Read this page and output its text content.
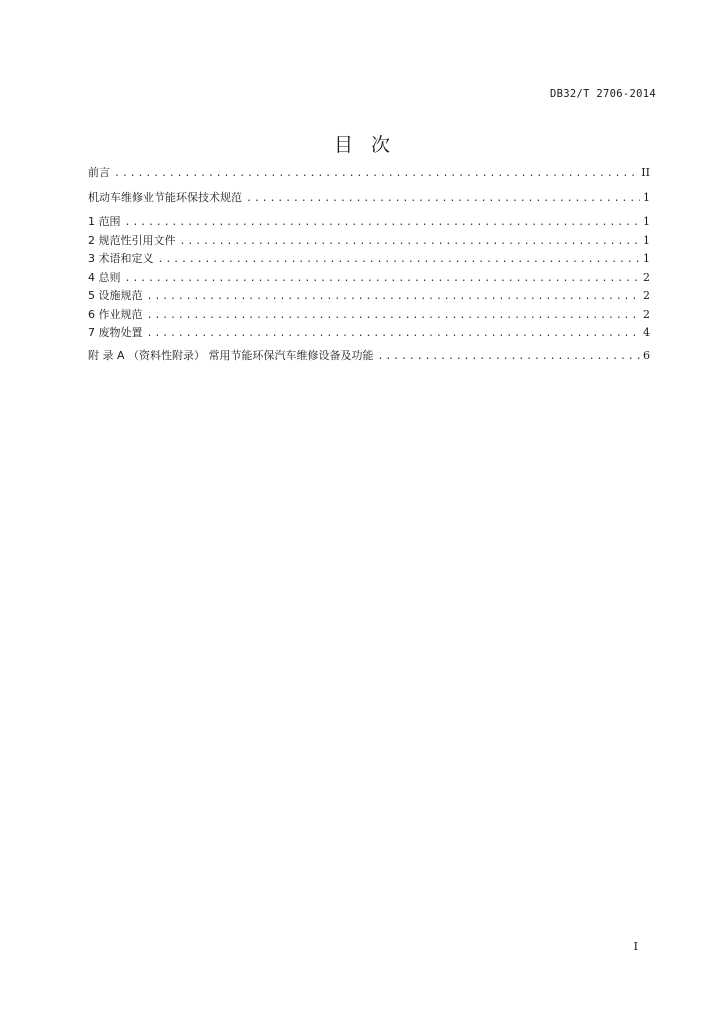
DB32/T 2706-2014
目次
前言 .....	II
机动车维修业节能环保技术规范 .....	1
1 范围 .....	1
2 规范性引用文件 .....	1
3 术语和定义 .....	1
4 总则 .....	2
5 设施规范 .....	2
6 作业规范 .....	2
7 废物处置 .....	4
附 录 A （资料性附录） 常用节能环保汽车维修设备及功能 .....	6
I
